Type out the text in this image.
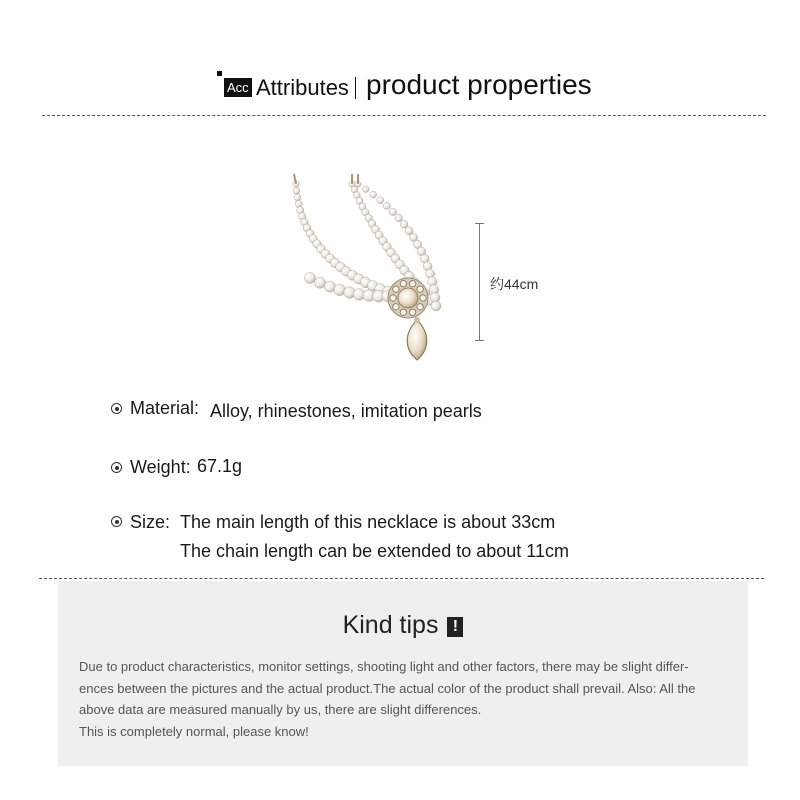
Acc Attributes product properties
约44cm
Material: Alloy, rhinestones, imitation pearls
Weight: 67.1g
Size: The main length of this necklace is about 33cm
The chain length can be extended to about 11cm
Kind tips !
Due to product characteristics, monitor settings, shooting light and other factors, there may be slight differ-
ences between the pictures and the actual product.The actual color of the product shall prevail. Also: All the
above data are measured manually by us, there are slight differences.
This is completely normal, please know!
